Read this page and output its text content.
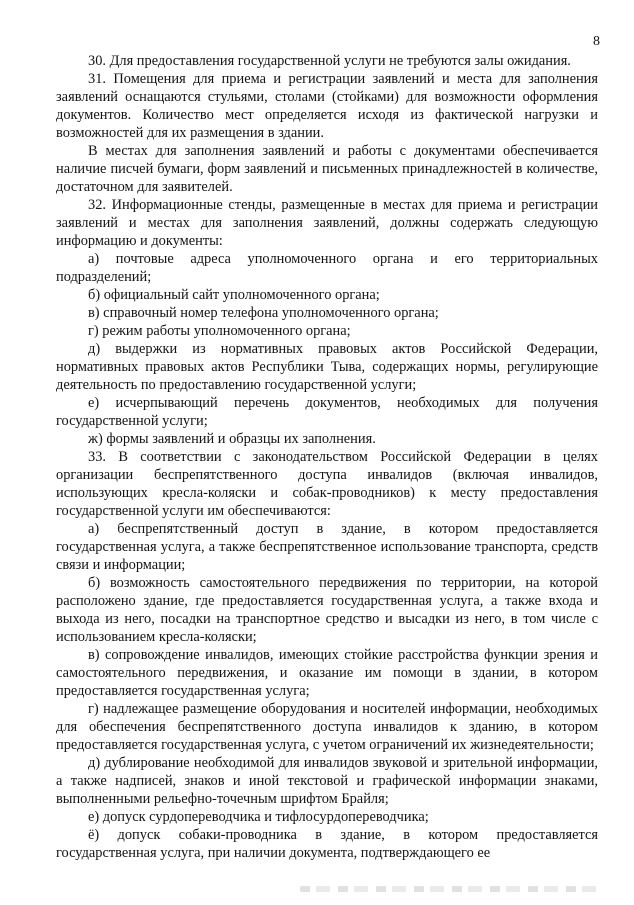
8

30. Для предоставления государственной услуги не требуются залы ожидания.

31. Помещения для приема и регистрации заявлений и места для заполнения заявлений оснащаются стульями, столами (стойками) для возможности оформления документов. Количество мест определяется исходя из фактической нагрузки и возможностей для их размещения в здании.

В местах для заполнения заявлений и работы с документами обеспечивается наличие писчей бумаги, форм заявлений и письменных принадлежностей в количестве, достаточном для заявителей.

32. Информационные стенды, размещенные в местах для приема и регистрации заявлений и местах для заполнения заявлений, должны содержать следующую информацию и документы:

а) почтовые адреса уполномоченного органа и его территориальных подразделений;

б) официальный сайт уполномоченного органа;

в) справочный номер телефона уполномоченного органа;

г) режим работы уполномоченного органа;

д) выдержки из нормативных правовых актов Российской Федерации, нормативных правовых актов Республики Тыва, содержащих нормы, регулирующие деятельность по предоставлению государственной услуги;

е) исчерпывающий перечень документов, необходимых для получения государственной услуги;

ж) формы заявлений и образцы их заполнения.

33. В соответствии с законодательством Российской Федерации в целях организации беспрепятственного доступа инвалидов (включая инвалидов, использующих кресла-коляски и собак-проводников) к месту предоставления государственной услуги им обеспечиваются:

а) беспрепятственный доступ в здание, в котором предоставляется государственная услуга, а также беспрепятственное использование транспорта, средств связи и информации;

б) возможность самостоятельного передвижения по территории, на которой расположено здание, где предоставляется государственная услуга, а также входа и выхода из него, посадки на транспортное средство и высадки из него, в том числе с использованием кресла-коляски;

в) сопровождение инвалидов, имеющих стойкие расстройства функции зрения и самостоятельного передвижения, и оказание им помощи в здании, в котором предоставляется государственная услуга;

г) надлежащее размещение оборудования и носителей информации, необходимых для обеспечения беспрепятственного доступа инвалидов к зданию, в котором предоставляется государственная услуга, с учетом ограничений их жизнедеятельности;

д) дублирование необходимой для инвалидов звуковой и зрительной информации, а также надписей, знаков и иной текстовой и графической информации знаками, выполненными рельефно-точечным шрифтом Брайля;

е) допуск сурдопереводчика и тифлосурдопереводчика;

ё) допуск собаки-проводника в здание, в котором предоставляется государственная услуга, при наличии документа, подтверждающего ее
